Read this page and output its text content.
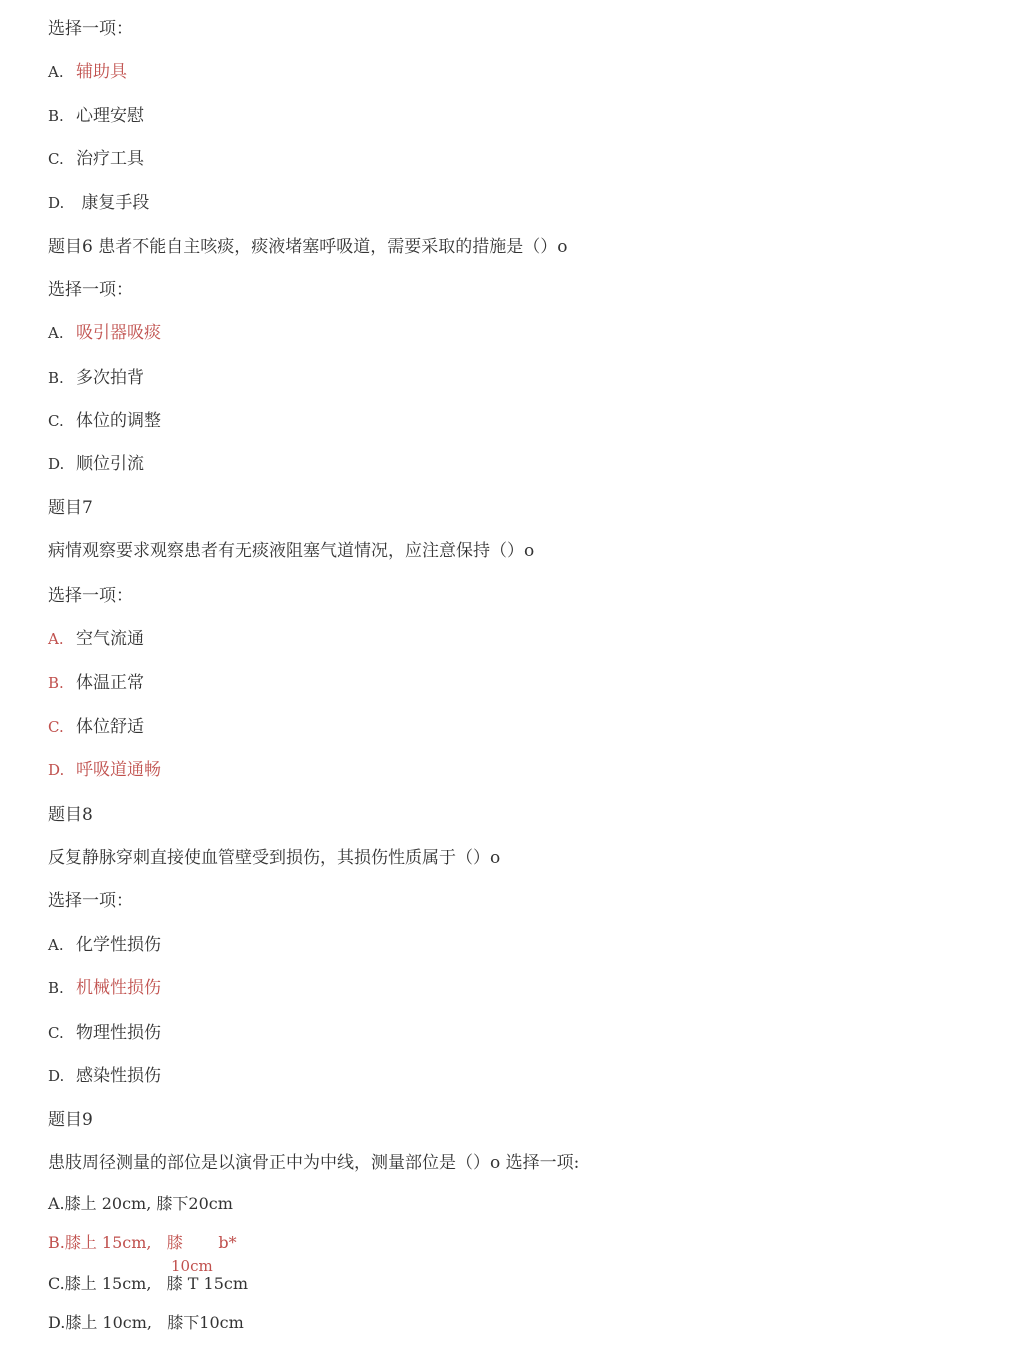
选择一项：
A. 辅助具
B. 心理安慰
C. 治疗工具
D. 康复手段
题目6 患者不能自主咳痰，痰液堵塞呼吸道，需要采取的措施是（）o
选择一项：
A. 吸引器吸痰
B. 多次拍背
C. 体位的调整
D. 顺位引流
题目7
病情观察要求观察患者有无痰液阻塞气道情况，应注意保持（）o
选择一项：
A. 空气流通
B. 体温正常
C. 体位舒适
D. 呼吸道通畅
题目8
反复静脉穿刺直接使血管壁受到损伤，其损伤性质属于（）o
选择一项：
A. 化学性损伤
B. 机械性损伤
C. 物理性损伤
D. 感染性损伤
题目9
患肢周径测量的部位是以演骨正中为中线，测量部位是（）o 选择一项:
A.膝上 20cm, 膝下20cm
B.膝上 15cm,   膝       b*
10cm
C.膝上 15cm,   膝 T 15cm
D.膝上 10cm,   膝下10cm
